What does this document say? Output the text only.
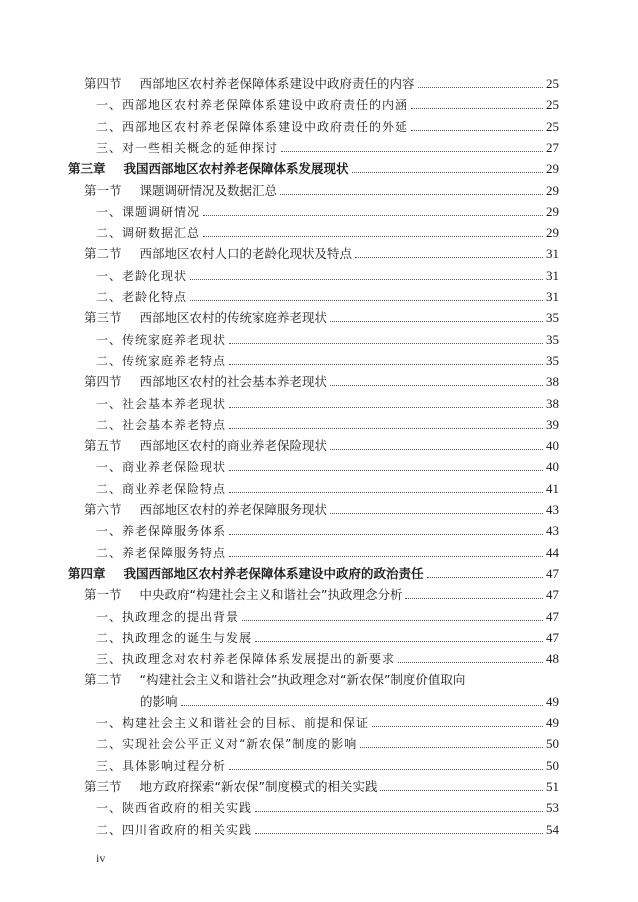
第四节 西部地区农村养老保障体系建设中政府责任的内容	25
一、西部地区农村养老保障体系建设中政府责任的内涵	25
二、西部地区农村养老保障体系建设中政府责任的外延	25
三、对一些相关概念的延伸探讨	27
第三章 我国西部地区农村养老保障体系发展现状	29
第一节 课题调研情况及数据汇总	29
一、课题调研情况	29
二、调研数据汇总	29
第二节 西部地区农村人口的老龄化现状及特点	31
一、老龄化现状	31
二、老龄化特点	31
第三节 西部地区农村的传统家庭养老现状	35
一、传统家庭养老现状	35
二、传统家庭养老特点	35
第四节 西部地区农村的社会基本养老现状	38
一、社会基本养老现状	38
二、社会基本养老特点	39
第五节 西部地区农村的商业养老保险现状	40
一、商业养老保险现状	40
二、商业养老保险特点	41
第六节 西部地区农村的养老保障服务现状	43
一、养老保障服务体系	43
二、养老保障服务特点	44
第四章 我国西部地区农村养老保障体系建设中政府的政治责任	47
第一节 中央政府“构建社会主义和谐社会”执政理念分析	47
一、执政理念的提出背景	47
二、执政理念的诞生与发展	47
三、执政理念对农村养老保障体系发展提出的新要求	48
第二节 “构建社会主义和谐社会”执政理念对“新农保”制度价值取向
的影响	49
一、构建社会主义和谐社会的目标、前提和保证	49
二、实现社会公平正义对“新农保”制度的影响	50
三、具体影响过程分析	50
第三节 地方政府探索“新农保”制度模式的相关实践	51
一、陕西省政府的相关实践	53
二、四川省政府的相关实践	54
iv
